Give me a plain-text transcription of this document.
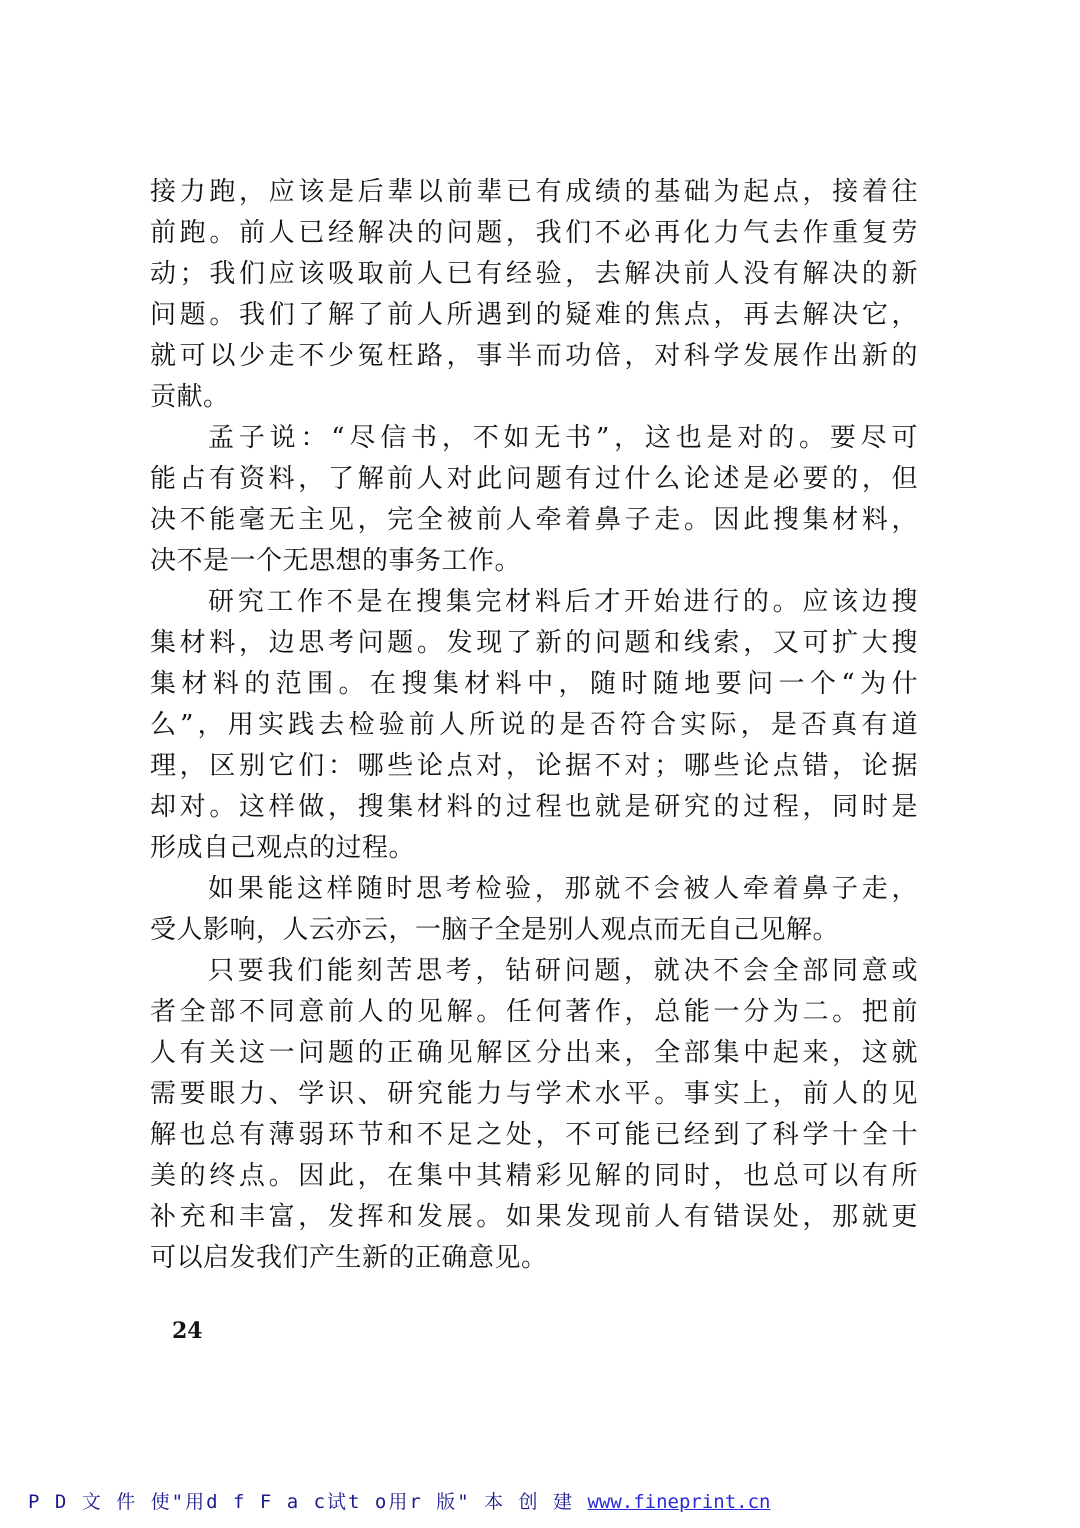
接力跑，应该是后辈以前辈已有成绩的基础为起点，接着往
前跑。前人已经解决的问题，我们不必再化力气去作重复劳
动；我们应该吸取前人已有经验，去解决前人没有解决的新
问题。我们了解了前人所遇到的疑难的焦点，再去解决它，
就可以少走不少冤枉路，事半而功倍，对科学发展作出新的
贡献。
孟子说：“尽信书，不如无书”，这也是对的。要尽可
能占有资料，了解前人对此问题有过什么论述是必要的，但
决不能毫无主见，完全被前人牵着鼻子走。因此搜集材料，
决不是一个无思想的事务工作。
研究工作不是在搜集完材料后才开始进行的。应该边搜
集材料，边思考问题。发现了新的问题和线索，又可扩大搜
集材料的范围。在搜集材料中，随时随地要问一个“为什
么”，用实践去检验前人所说的是否符合实际，是否真有道
理，区别它们：哪些论点对，论据不对；哪些论点错，论据
却对。这样做，搜集材料的过程也就是研究的过程，同时是
形成自己观点的过程。
如果能这样随时思考检验，那就不会被人牵着鼻子走，
受人影响，人云亦云，一脑子全是别人观点而无自己见解。
只要我们能刻苦思考，钻研问题，就决不会全部同意或
者全部不同意前人的见解。任何著作，总能一分为二。把前
人有关这一问题的正确见解区分出来，全部集中起来，这就
需要眼力、学识、研究能力与学术水平。事实上，前人的见
解也总有薄弱环节和不足之处，不可能已经到了科学十全十
美的终点。因此，在集中其精彩见解的同时，也总可以有所
补充和丰富，发挥和发展。如果发现前人有错误处，那就更
可以启发我们产生新的正确意见。
24
P D 文 件 使"用d f F a c试t o用r 版" 本 创 建 www.fineprint.cn
